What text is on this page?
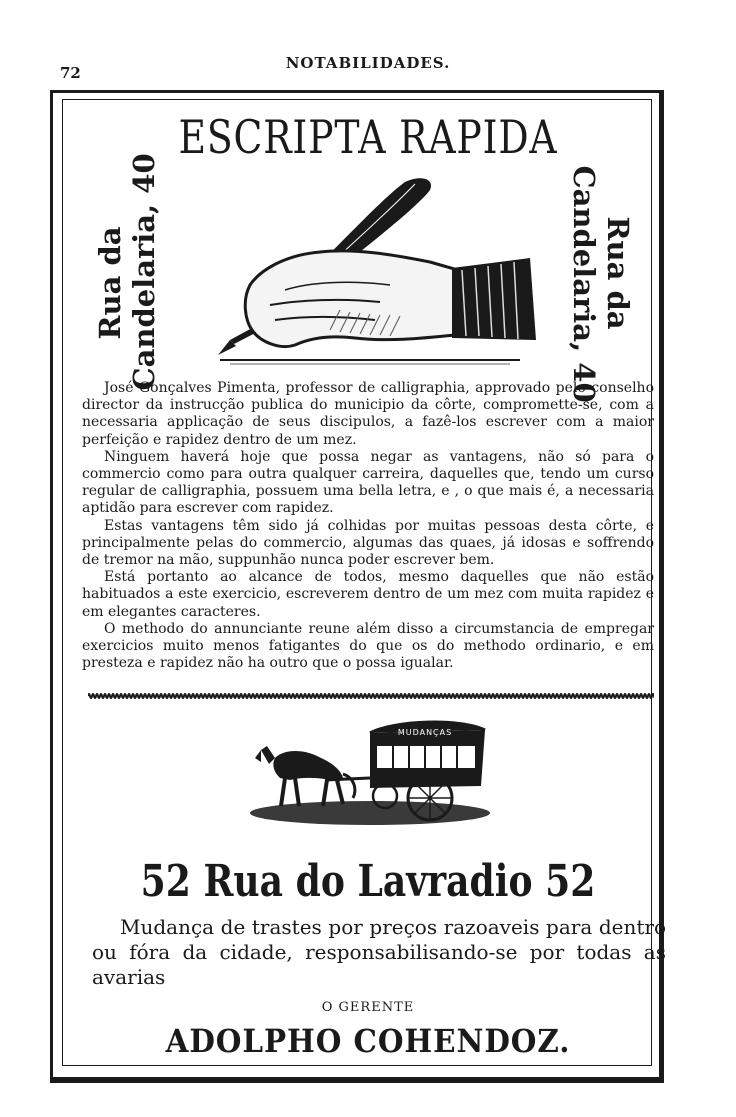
72
NOTABILIDADES.
ESCRIPTA RAPIDA
Rua da Candelaria, 40	Rua da
Candelaria, 40

José Gonçalves Pimenta, professor de calligraphia, approvado pelo conselho director da instrucção publica do municipio da côrte, compromette-se, com a necessaria applicação de seus discipulos, a fazê-los escrever com a maior perfeição e rapidez dentro de um mez.

Ninguem haverá hoje que possa negar as vantagens, não só para o commercio como para outra qualquer carreira, daquelles que, tendo um curso regular de calligraphia, possuem uma bella letra, e , o que mais é, a necessaria aptidão para escrever com rapidez.

Estas vantagens têm sido já colhidas por muitas pessoas desta côrte, e principalmente pelas do commercio, algumas das quaes, já idosas e soffrendo de tremor na mão, suppunhão nunca poder escrever bem.

Está portanto ao alcance de todos, mesmo daquelles que não estão habituados a este exercicio, escreverem dentro de um mez com muita rapidez e em elegantes caracteres.

O methodo do annunciante reune além disso a circumstancia de empregar exercicios muito menos fatigantes do que os do methodo ordinario, e em presteza e rapidez não ha outro que o possa igualar.

MUDANÇAS
52 Rua do Lavradio 52
Mudança de trastes por preços razoaveis para dentro ou fóra da cidade, responsabilisando-se por todas as avarias
O GERENTE
ADOLPHO COHENDOZ.
